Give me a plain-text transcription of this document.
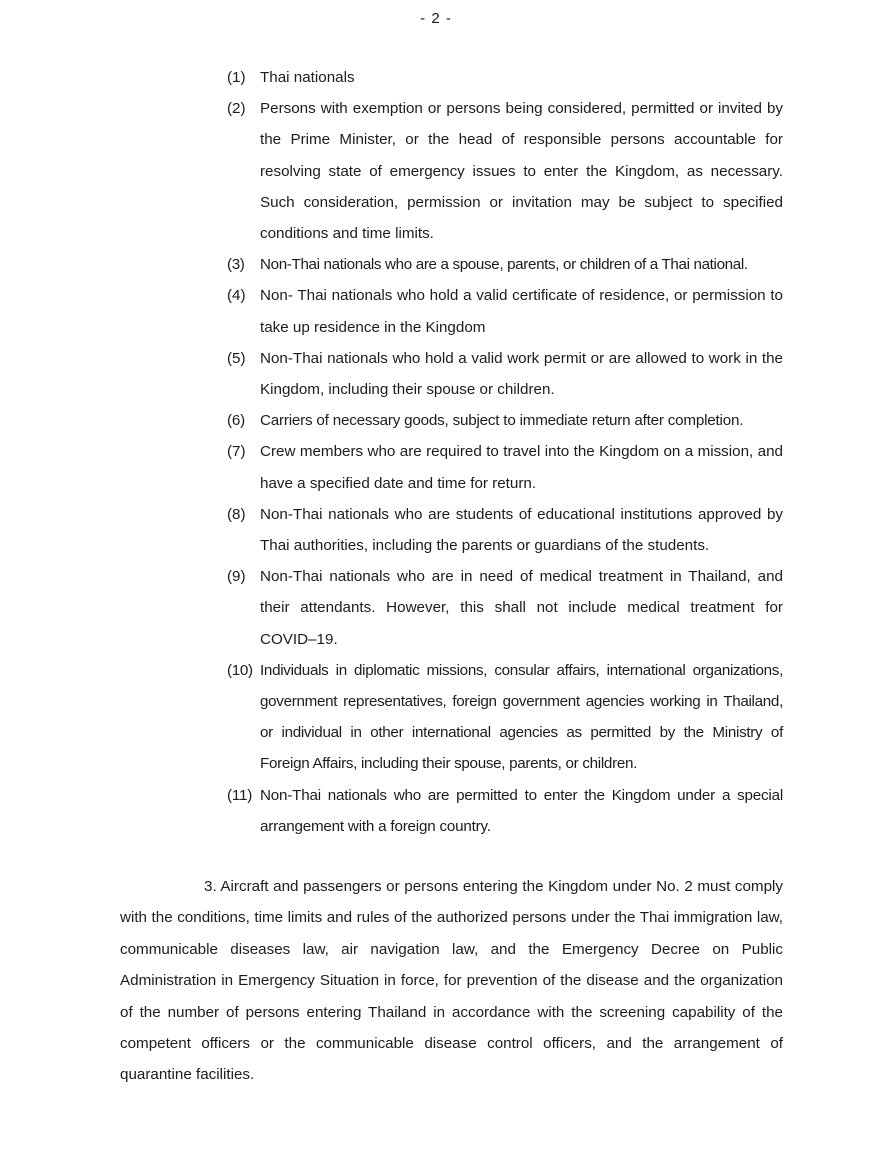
- 2 -
(1) Thai nationals
(2) Persons with exemption or persons being considered, permitted or invited by the Prime Minister, or the head of responsible persons accountable for resolving state of emergency issues to enter the Kingdom, as necessary. Such consideration, permission or invitation may be subject to specified conditions and time limits.
(3) Non-Thai nationals who are a spouse, parents, or children of a Thai national.
(4) Non- Thai nationals who hold a valid certificate of residence, or permission to take up residence in the Kingdom
(5) Non-Thai nationals who hold a valid work permit or are allowed to work in the Kingdom, including their spouse or children.
(6) Carriers of necessary goods, subject to immediate return after completion.
(7) Crew members who are required to travel into the Kingdom on a mission, and have a specified date and time for return.
(8) Non-Thai nationals who are students of educational institutions approved by Thai authorities, including the parents or guardians of the students.
(9) Non-Thai nationals who are in need of medical treatment in Thailand, and their attendants. However, this shall not include medical treatment for COVID–19.
(10) Individuals in diplomatic missions, consular affairs, international organizations, government representatives, foreign government agencies working in Thailand, or individual in other international agencies as permitted by the Ministry of Foreign Affairs, including their spouse, parents, or children.
(11) Non-Thai nationals who are permitted to enter the Kingdom under a special arrangement with a foreign country.

3. Aircraft and passengers or persons entering the Kingdom under No. 2 must comply with the conditions, time limits and rules of the authorized persons under the Thai immigration law, communicable diseases law, air navigation law, and the Emergency Decree on Public Administration in Emergency Situation in force, for prevention of the disease and the organization of the number of persons entering Thailand in accordance with the screening capability of the competent officers or the communicable disease control officers, and the arrangement of quarantine facilities.
